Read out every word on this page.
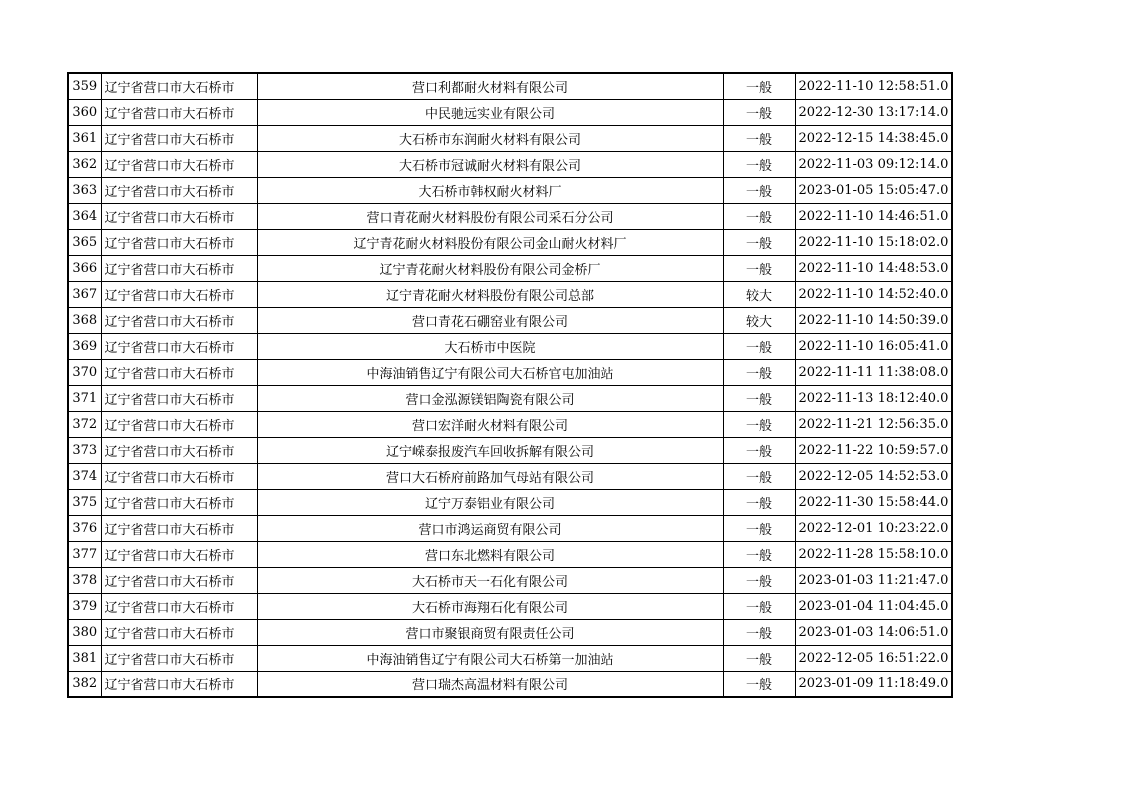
359	辽宁省营口市大石桥市	营口利都耐火材料有限公司	一般	2022-11-10 12:58:51.0
360	辽宁省营口市大石桥市	中民驰远实业有限公司	一般	2022-12-30 13:17:14.0
361	辽宁省营口市大石桥市	大石桥市东润耐火材料有限公司	一般	2022-12-15 14:38:45.0
362	辽宁省营口市大石桥市	大石桥市冠诚耐火材料有限公司	一般	2022-11-03 09:12:14.0
363	辽宁省营口市大石桥市	大石桥市韩权耐火材料厂	一般	2023-01-05 15:05:47.0
364	辽宁省营口市大石桥市	营口青花耐火材料股份有限公司采石分公司	一般	2022-11-10 14:46:51.0
365	辽宁省营口市大石桥市	辽宁青花耐火材料股份有限公司金山耐火材料厂	一般	2022-11-10 15:18:02.0
366	辽宁省营口市大石桥市	辽宁青花耐火材料股份有限公司金桥厂	一般	2022-11-10 14:48:53.0
367	辽宁省营口市大石桥市	辽宁青花耐火材料股份有限公司总部	较大	2022-11-10 14:52:40.0
368	辽宁省营口市大石桥市	营口青花石硼窑业有限公司	较大	2022-11-10 14:50:39.0
369	辽宁省营口市大石桥市	大石桥市中医院	一般	2022-11-10 16:05:41.0
370	辽宁省营口市大石桥市	中海油销售辽宁有限公司大石桥官屯加油站	一般	2022-11-11 11:38:08.0
371	辽宁省营口市大石桥市	营口金泓源镁铝陶瓷有限公司	一般	2022-11-13 18:12:40.0
372	辽宁省营口市大石桥市	营口宏洋耐火材料有限公司	一般	2022-11-21 12:56:35.0
373	辽宁省营口市大石桥市	辽宁嵘泰报废汽车回收拆解有限公司	一般	2022-11-22 10:59:57.0
374	辽宁省营口市大石桥市	营口大石桥府前路加气母站有限公司	一般	2022-12-05 14:52:53.0
375	辽宁省营口市大石桥市	辽宁万泰铝业有限公司	一般	2022-11-30 15:58:44.0
376	辽宁省营口市大石桥市	营口市鸿运商贸有限公司	一般	2022-12-01 10:23:22.0
377	辽宁省营口市大石桥市	营口东北燃料有限公司	一般	2022-11-28 15:58:10.0
378	辽宁省营口市大石桥市	大石桥市天一石化有限公司	一般	2023-01-03 11:21:47.0
379	辽宁省营口市大石桥市	大石桥市海翔石化有限公司	一般	2023-01-04 11:04:45.0
380	辽宁省营口市大石桥市	营口市聚银商贸有限责任公司	一般	2023-01-03 14:06:51.0
381	辽宁省营口市大石桥市	中海油销售辽宁有限公司大石桥第一加油站	一般	2022-12-05 16:51:22.0
382	辽宁省营口市大石桥市	营口瑞杰高温材料有限公司	一般	2023-01-09 11:18:49.0
